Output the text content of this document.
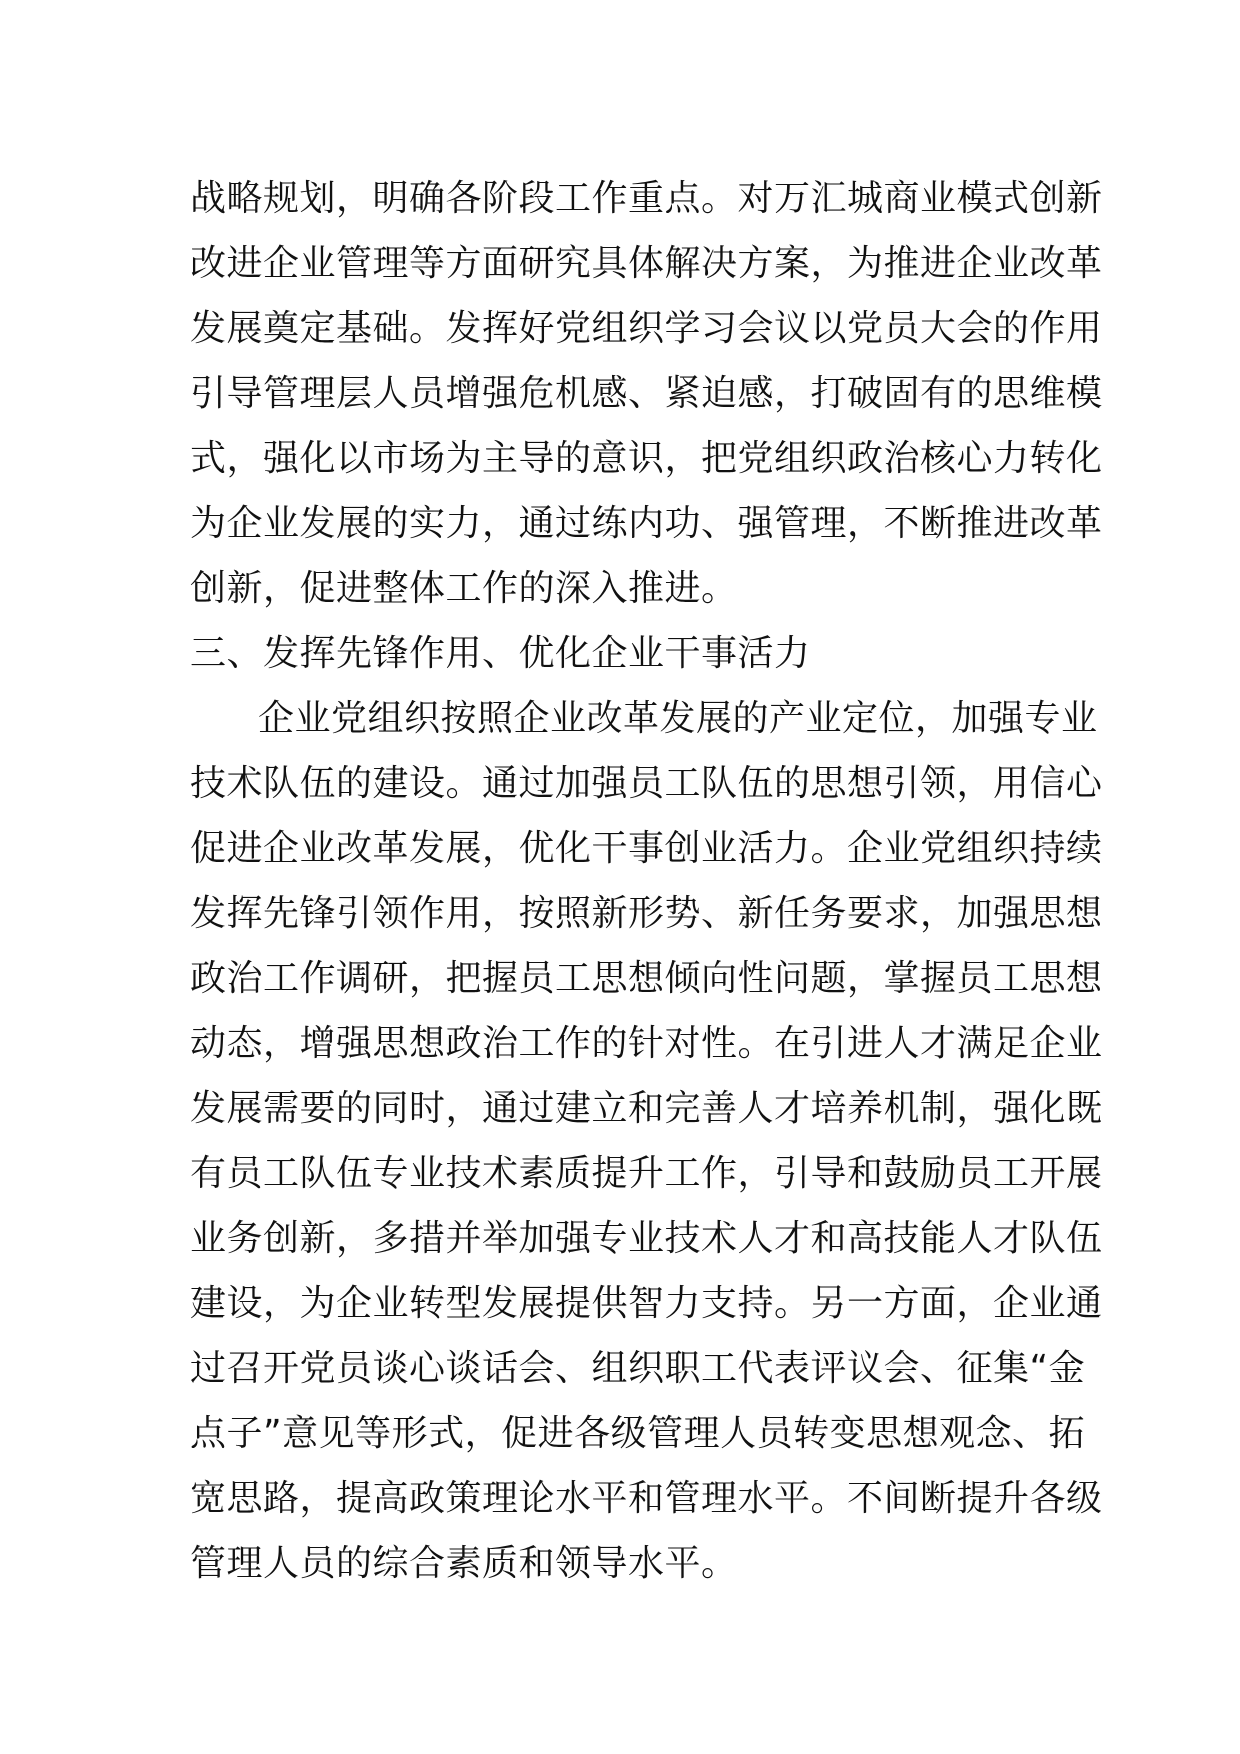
战略规划，明确各阶段工作重点。对万汇城商业模式创新
改进企业管理等方面研究具体解决方案，为推进企业改革
发展奠定基础。发挥好党组织学习会议以党员大会的作用
引导管理层人员增强危机感、紧迫感，打破固有的思维模
式，强化以市场为主导的意识，把党组织政治核心力转化
为企业发展的实力，通过练内功、强管理，不断推进改革
创新，促进整体工作的深入推进。
三、发挥先锋作用、优化企业干事活力
企业党组织按照企业改革发展的产业定位，加强专业
技术队伍的建设。通过加强员工队伍的思想引领，用信心
促进企业改革发展，优化干事创业活力。企业党组织持续
发挥先锋引领作用，按照新形势、新任务要求，加强思想
政治工作调研，把握员工思想倾向性问题，掌握员工思想
动态，增强思想政治工作的针对性。在引进人才满足企业
发展需要的同时，通过建立和完善人才培养机制，强化既
有员工队伍专业技术素质提升工作，引导和鼓励员工开展
业务创新，多措并举加强专业技术人才和高技能人才队伍
建设，为企业转型发展提供智力支持。另一方面，企业通
过召开党员谈心谈话会、组织职工代表评议会、征集“金
点子”意见等形式，促进各级管理人员转变思想观念、拓
宽思路，提高政策理论水平和管理水平。不间断提升各级
管理人员的综合素质和领导水平。
